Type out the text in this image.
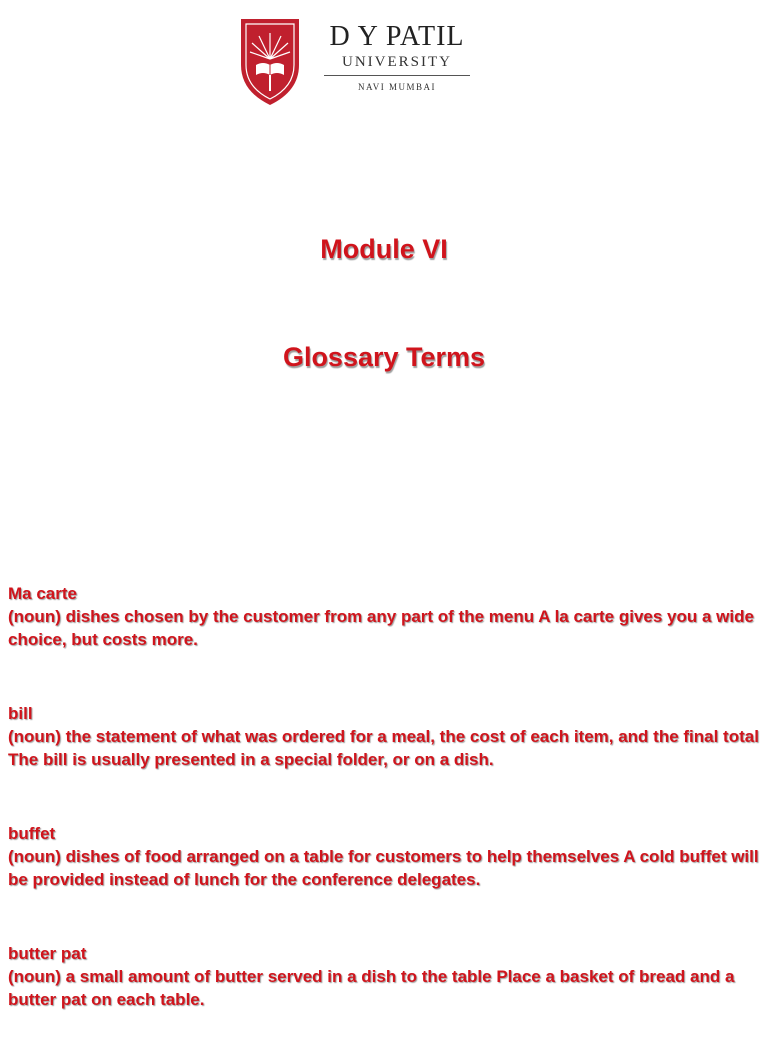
D Y PATIL
UNIVERSITY
NAVI MUMBAI
Module VI
Glossary Terms
Ma carte
(noun) dishes chosen by the customer from any part of the menu A la carte gives you a wide choice, but costs more.
bill
(noun) the statement of what was ordered for a meal, the cost of each item, and the final total The bill is usually presented in a special folder, or on a dish.
buffet
(noun) dishes of food arranged on a table for customers to help themselves A cold buffet will be provided instead of lunch for the conference delegates.
butter pat
(noun) a small amount of butter served in a dish to the table Place a basket of bread and a butter pat on each table.
